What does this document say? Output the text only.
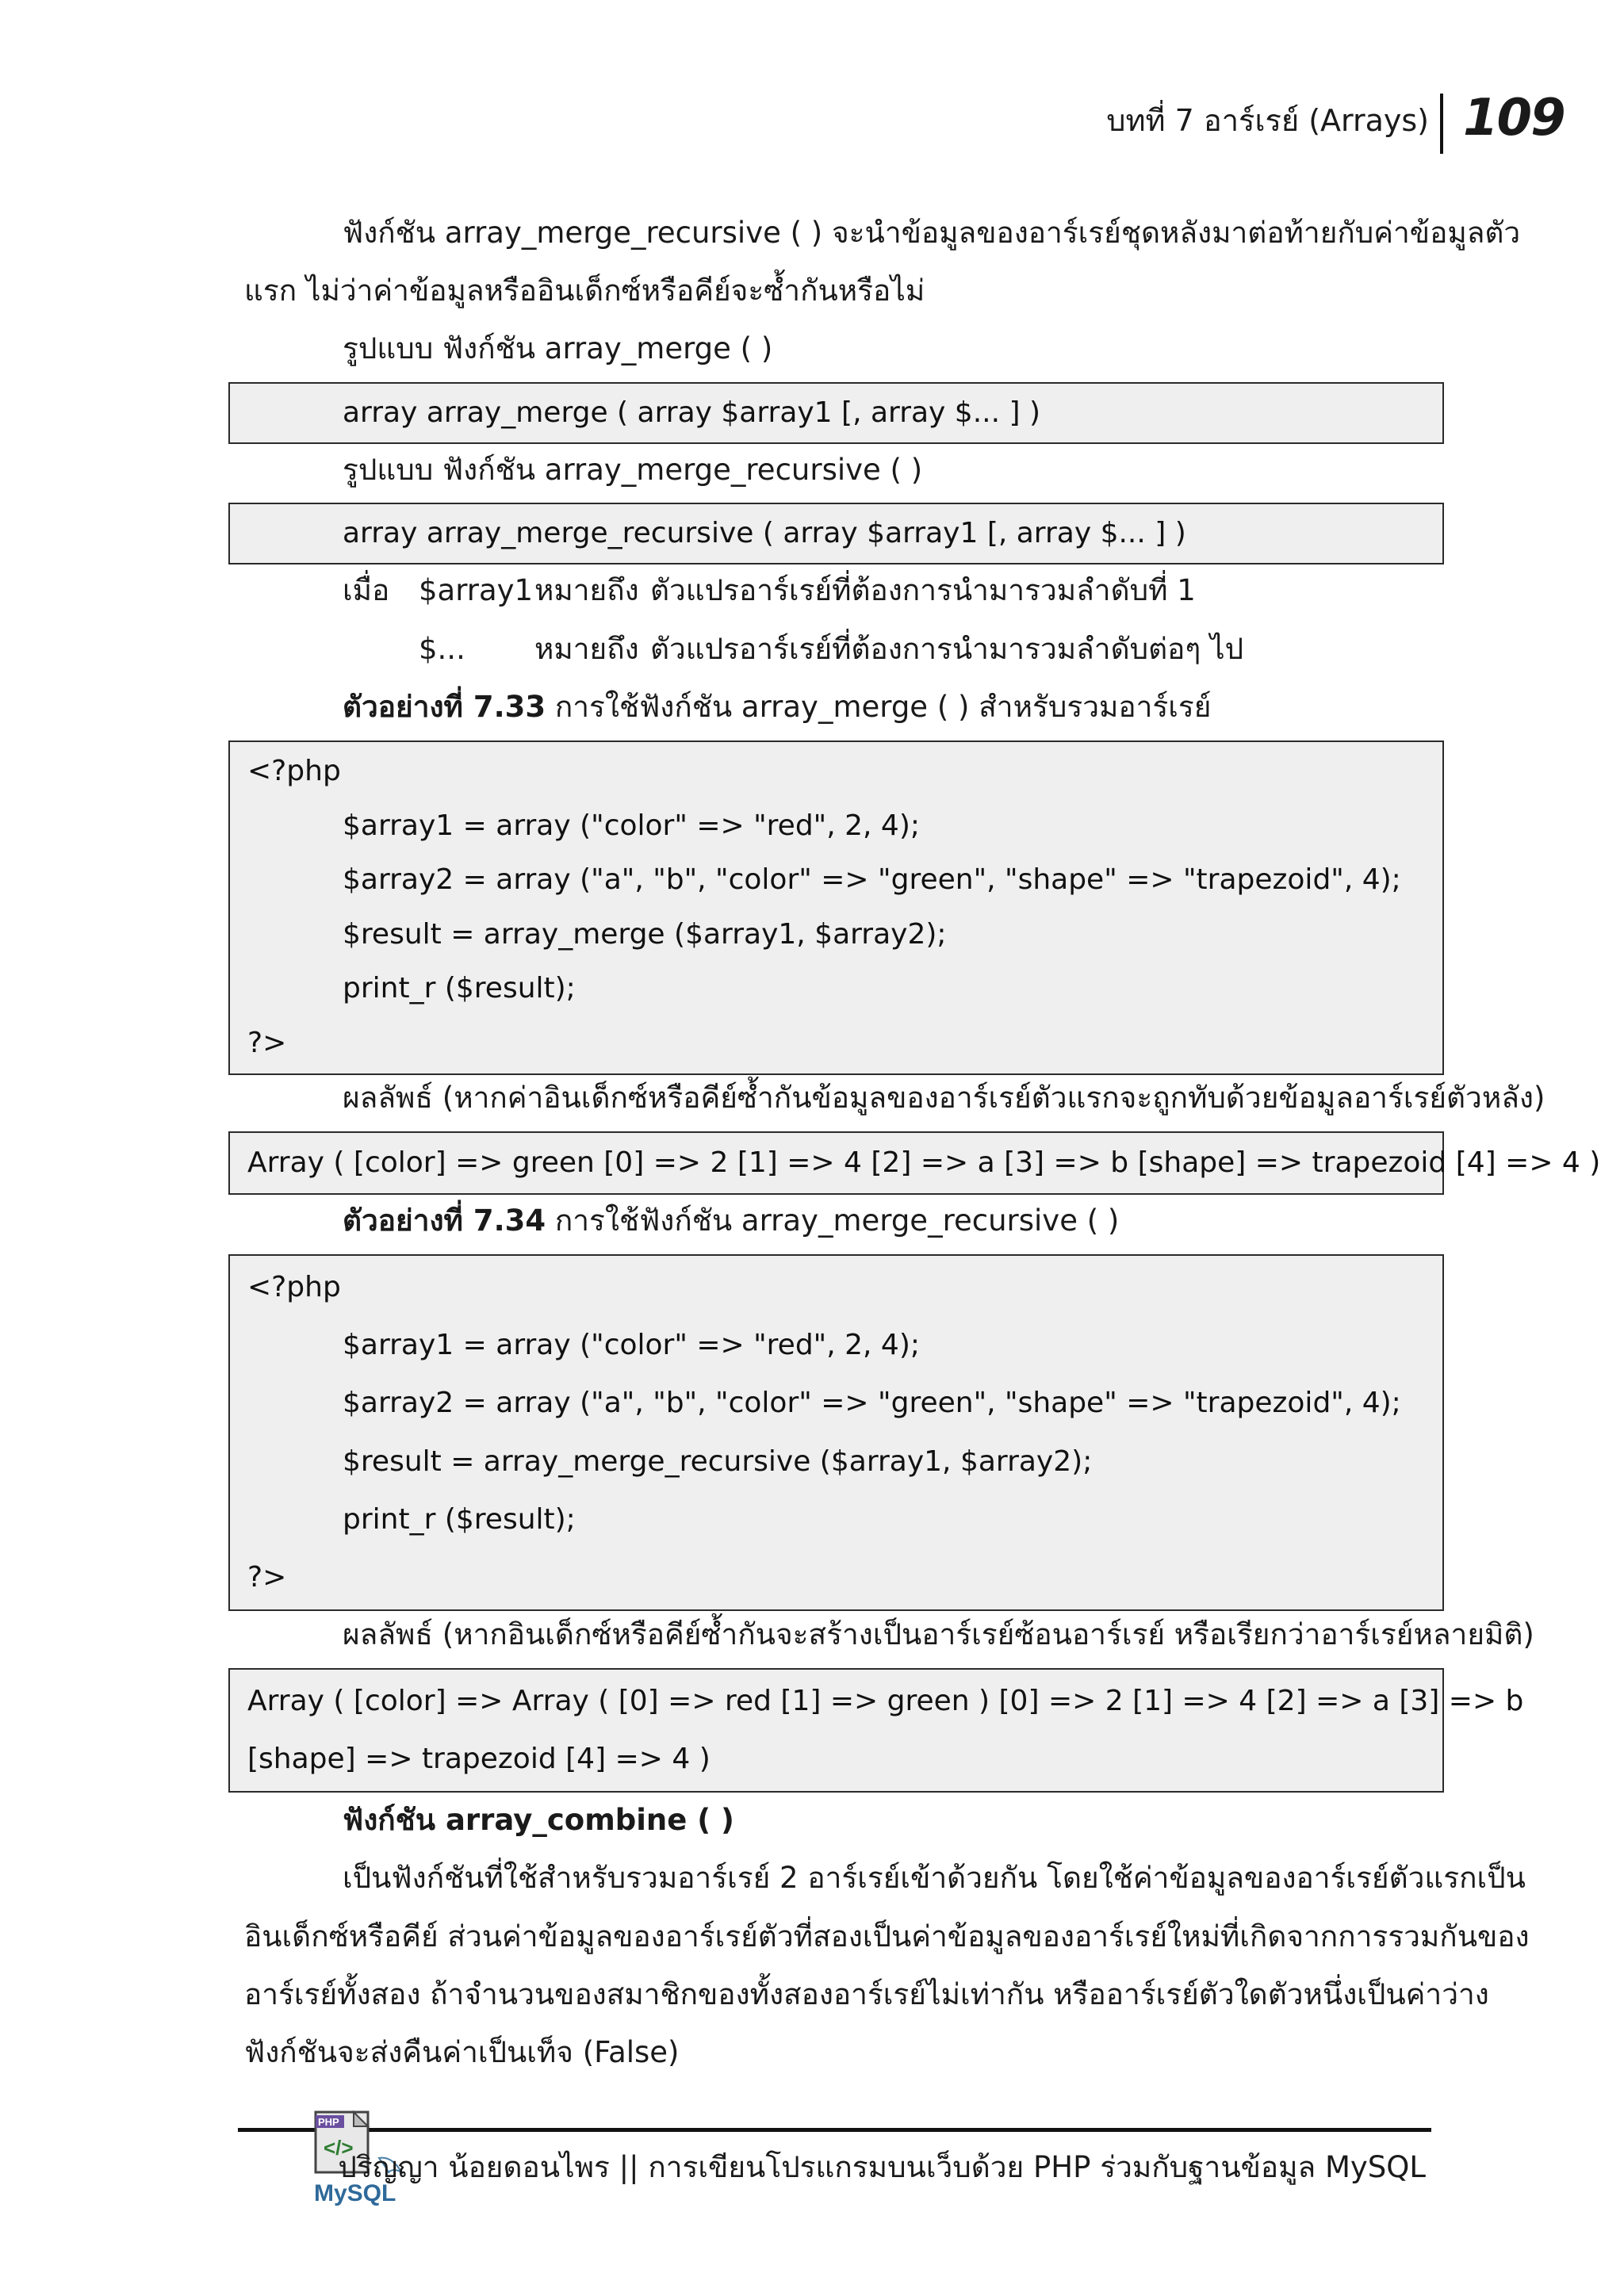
บทที่ 7 อาร์เรย์ (Arrays) 109
ฟังก์ชัน array_merge_recursive ( ) จะนำข้อมูลของอาร์เรย์ชุดหลังมาต่อท้ายกับค่าข้อมูลตัว
แรก ไม่ว่าค่าข้อมูลหรืออินเด็กซ์หรือคีย์จะซ้ำกันหรือไม่
รูปแบบ ฟังก์ชัน array_merge ( )
array array_merge ( array $array1 [, array $... ] )
รูปแบบ ฟังก์ชัน array_merge_recursive ( )
array array_merge_recursive ( array $array1 [, array $... ] )
เมื่อ $array1 หมายถึง ตัวแปรอาร์เรย์ที่ต้องการนำมารวมลำดับที่ 1
$... หมายถึง ตัวแปรอาร์เรย์ที่ต้องการนำมารวมลำดับต่อๆ ไป
ตัวอย่างที่ 7.33 การใช้ฟังก์ชัน array_merge ( ) สำหรับรวมอาร์เรย์
<?php
$array1 = array ("color" => "red", 2, 4);
$array2 = array ("a", "b", "color" => "green", "shape" => "trapezoid", 4);
$result = array_merge ($array1, $array2);
print_r ($result);
?>
ผลลัพธ์ (หากค่าอินเด็กซ์หรือคีย์ซ้ำกันข้อมูลของอาร์เรย์ตัวแรกจะถูกทับด้วยข้อมูลอาร์เรย์ตัวหลัง)
Array ( [color] => green [0] => 2 [1] => 4 [2] => a [3] => b [shape] => trapezoid [4] => 4 )
ตัวอย่างที่ 7.34 การใช้ฟังก์ชัน array_merge_recursive ( )
<?php
$array1 = array ("color" => "red", 2, 4);
$array2 = array ("a", "b", "color" => "green", "shape" => "trapezoid", 4);
$result = array_merge_recursive ($array1, $array2);
print_r ($result);
?>
ผลลัพธ์ (หากอินเด็กซ์หรือคีย์ซ้ำกันจะสร้างเป็นอาร์เรย์ซ้อนอาร์เรย์ หรือเรียกว่าอาร์เรย์หลายมิติ)
Array ( [color] => Array ( [0] => red [1] => green ) [0] => 2 [1] => 4 [2] => a [3] => b
[shape] => trapezoid [4] => 4 )
ฟังก์ชัน array_combine ( )
เป็นฟังก์ชันที่ใช้สำหรับรวมอาร์เรย์ 2 อาร์เรย์เข้าด้วยกัน โดยใช้ค่าข้อมูลของอาร์เรย์ตัวแรกเป็น
อินเด็กซ์หรือคีย์ ส่วนค่าข้อมูลของอาร์เรย์ตัวที่สองเป็นค่าข้อมูลของอาร์เรย์ใหม่ที่เกิดจากการรวมกันของ
อาร์เรย์ทั้งสอง ถ้าจำนวนของสมาชิกของทั้งสองอาร์เรย์ไม่เท่ากัน หรืออาร์เรย์ตัวใดตัวหนึ่งเป็นค่าว่าง
ฟังก์ชันจะส่งคืนค่าเป็นเท็จ (False)
PHP
</>
MySQL
ปริญญา น้อยดอนไพร || การเขียนโปรแกรมบนเว็บด้วย PHP ร่วมกับฐานข้อมูล MySQL
